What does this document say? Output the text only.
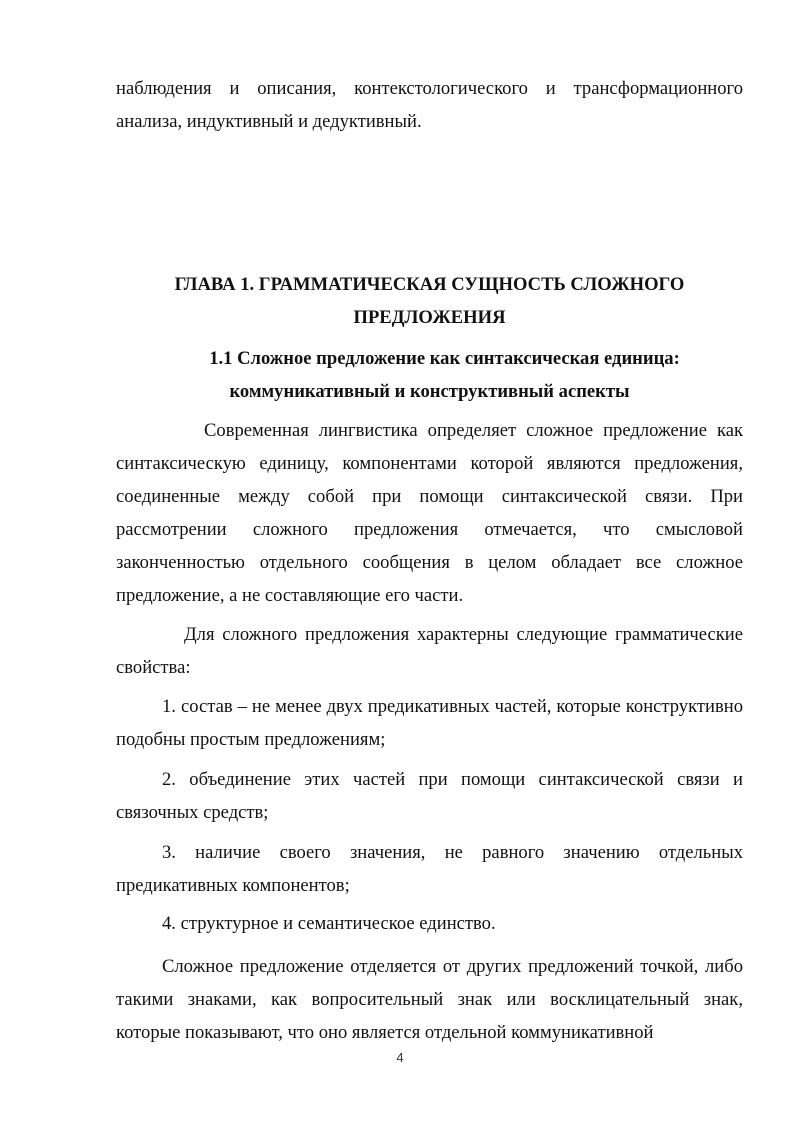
наблюдения и описания, контекстологического и трансформационного анализа, индуктивный и дедуктивный.

ГЛАВА 1. ГРАММАТИЧЕСКАЯ СУЩНОСТЬ СЛОЖНОГО
ПРЕДЛОЖЕНИЯ
1.1 Сложное предложение как синтаксическая единица:
коммуникативный и конструктивный аспекты

Современная лингвистика определяет сложное предложение как синтаксическую единицу, компонентами которой являются предложения, соединенные между собой при помощи синтаксической связи. При рассмотрении сложного предложения отмечается, что смысловой законченностью отдельного сообщения в целом обладает все сложное предложение, а не составляющие его части.

Для сложного предложения характерны следующие грамматические свойства:

1. состав – не менее двух предикативных частей, которые конструктивно подобны простым предложениям;

2. объединение этих частей при помощи синтаксической связи и связочных средств;

3. наличие своего значения, не равного значению отдельных предикативных компонентов;

4. структурное и семантическое единство.

Сложное предложение отделяется от других предложений точкой, либо такими знаками, как вопросительный знак или восклицательный знак, которые показывают, что оно является отдельной коммуникативной

4
